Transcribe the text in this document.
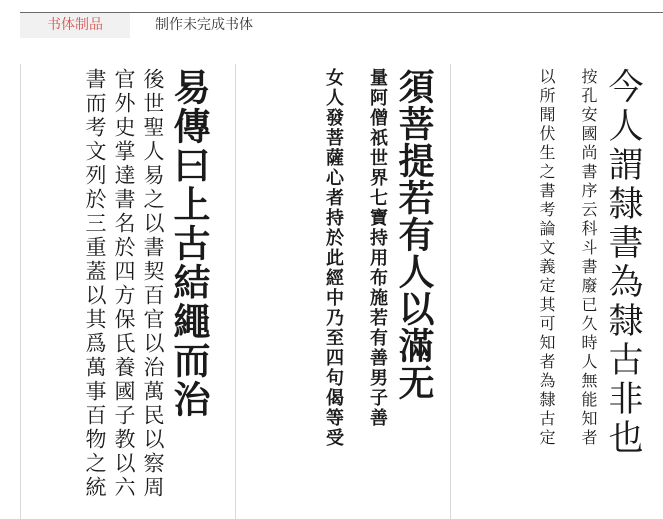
书体制品	制作未完成书体
易傳曰上古結繩而治
後世聖人易之以書契百官以治萬民以察周
官外史掌達書名於四方保氏養國子教以六
書而考文列於三重蓋以其爲萬事百物之統	須菩提若有人以滿无
量阿僧祇世界七寶持用布施若有善男子善
女人發菩薩心者持於此經中乃至四句偈等受	今人謂隸書為隸古非也
按孔安國尚書序云科斗書廢已久時人無能知者
以所聞伏生之書考論文義定其可知者為隸古定
